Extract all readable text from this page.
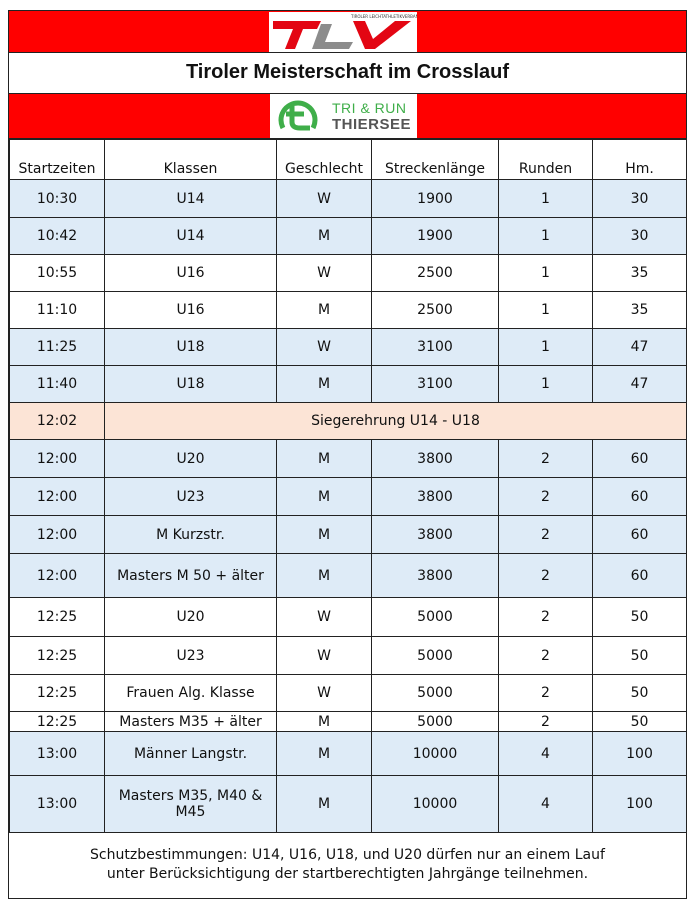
TIROLER LEICHTATHLETIKVERBAND
Tiroler Meisterschaft im Crosslauf
TRI & RUN
THIERSEE
Startzeiten	Klassen	Geschlecht	Streckenlänge	Runden	Hm.
10:30	U14	W	1900	1	30
10:42	U14	M	1900	1	30
10:55	U16	W	2500	1	35
11:10	U16	M	2500	1	35
11:25	U18	W	3100	1	47
11:40	U18	M	3100	1	47
12:02	Siegerehrung U14 - U18				
12:00	U20	M	3800	2	60
12:00	U23	M	3800	2	60
12:00	M Kurzstr.	M	3800	2	60
12:00	Masters M 50 + älter	M	3800	2	60
12:25	U20	W	5000	2	50
12:25	U23	W	5000	2	50
12:25	Frauen Alg. Klasse	W	5000	2	50
12:25	Masters M35 + älter	M	5000	2	50
13:00	Männer Langstr.	M	10000	4	100
13:00	Masters M35, M40 & M45	M	10000	4	100
Schutzbestimmungen: U14, U16, U18, und U20 dürfen nur an einem Lauf
unter Berücksichtigung der startberechtigten Jahrgänge teilnehmen.
